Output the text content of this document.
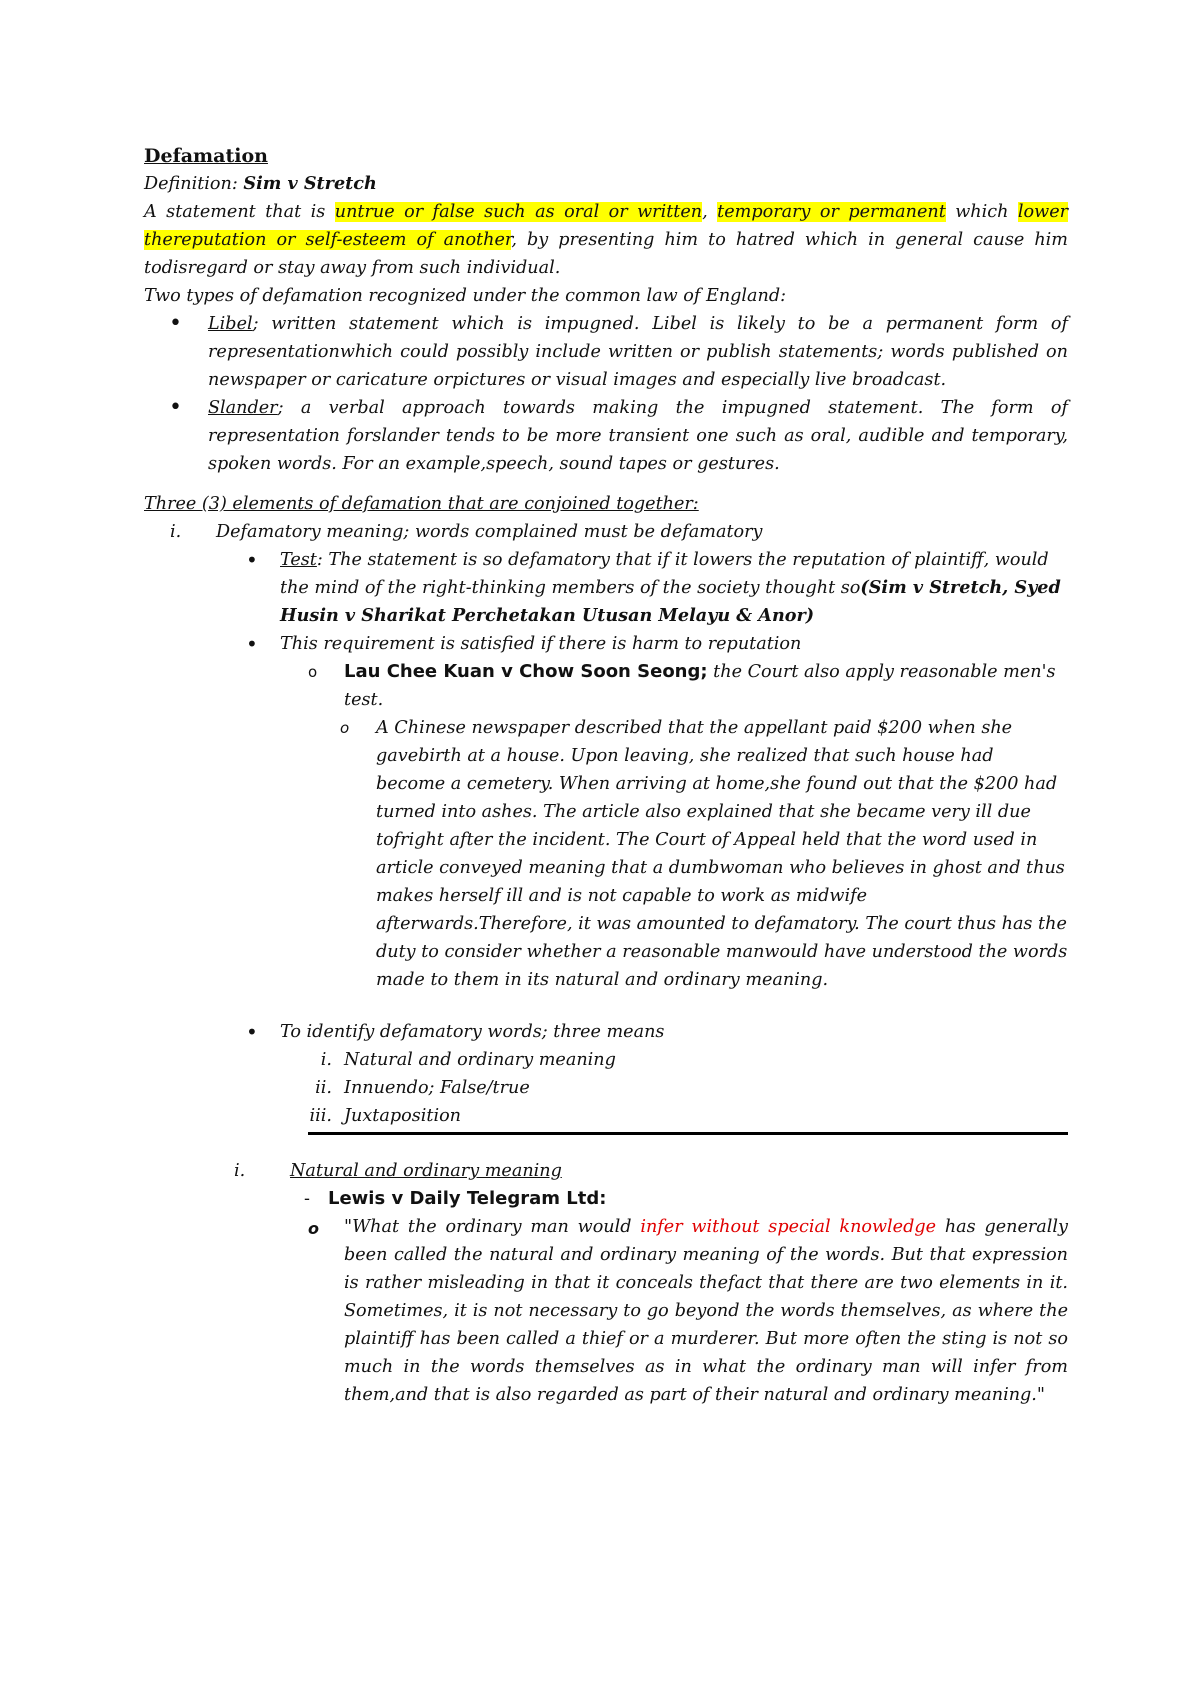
Defamation

Definition: Sim v Stretch

A statement that is untrue or false such as oral or written, temporary or permanent which lower thereputation or self-esteem of another, by presenting him to hatred which in general cause him todisregard or stay away from such individual.

Two types of defamation recognized under the common law of England:

• Libel; written statement which is impugned. Libel is likely to be a permanent form of representationwhich could possibly include written or publish statements; words published on newspaper or caricature orpictures or visual images and especially live broadcast.
• Slander; a verbal approach towards making the impugned statement. The form of representation forslander tends to be more transient one such as oral, audible and temporary, spoken words. For an example,speech, sound tapes or gestures.

Three (3) elements of defamation that are conjoined together:

i. Defamatory meaning; words complained must be defamatory
• Test: The statement is so defamatory that if it lowers the reputation of plaintiff, would the mind of the right-thinking members of the society thought so(Sim v Stretch, Syed Husin v Sharikat Perchetakan Utusan Melayu & Anor)
• This requirement is satisfied if there is harm to reputation
o Lau Chee Kuan v Chow Soon Seong; the Court also apply reasonable men's test.
o A Chinese newspaper described that the appellant paid $200 when she gavebirth at a house. Upon leaving, she realized that such house had become a cemetery. When arriving at home,she found out that the $200 had turned into ashes. The article also explained that she became very ill due tofright after the incident. The Court of Appeal held that the word used in article conveyed meaning that a dumbwoman who believes in ghost and thus makes herself ill and is not capable to work as midwife afterwards.Therefore, it was amounted to defamatory. The court thus has the duty to consider whether a reasonable manwould have understood the words made to them in its natural and ordinary meaning.
• To identify defamatory words; three means
i. Natural and ordinary meaning
ii. Innuendo; False/true
iii. Juxtaposition
i.	Natural and ordinary meaning
- Lewis v Daily Telegram Ltd:
o "What the ordinary man would infer without special knowledge has generally been called the natural and ordinary meaning of the words. But that expression is rather misleading in that it conceals thefact that there are two elements in it. Sometimes, it is not necessary to go beyond the words themselves, as where the plaintiff has been called a thief or a murderer. But more often the sting is not so much in the words themselves as in what the ordinary man will infer from them,and that is also regarded as part of their natural and ordinary meaning."
